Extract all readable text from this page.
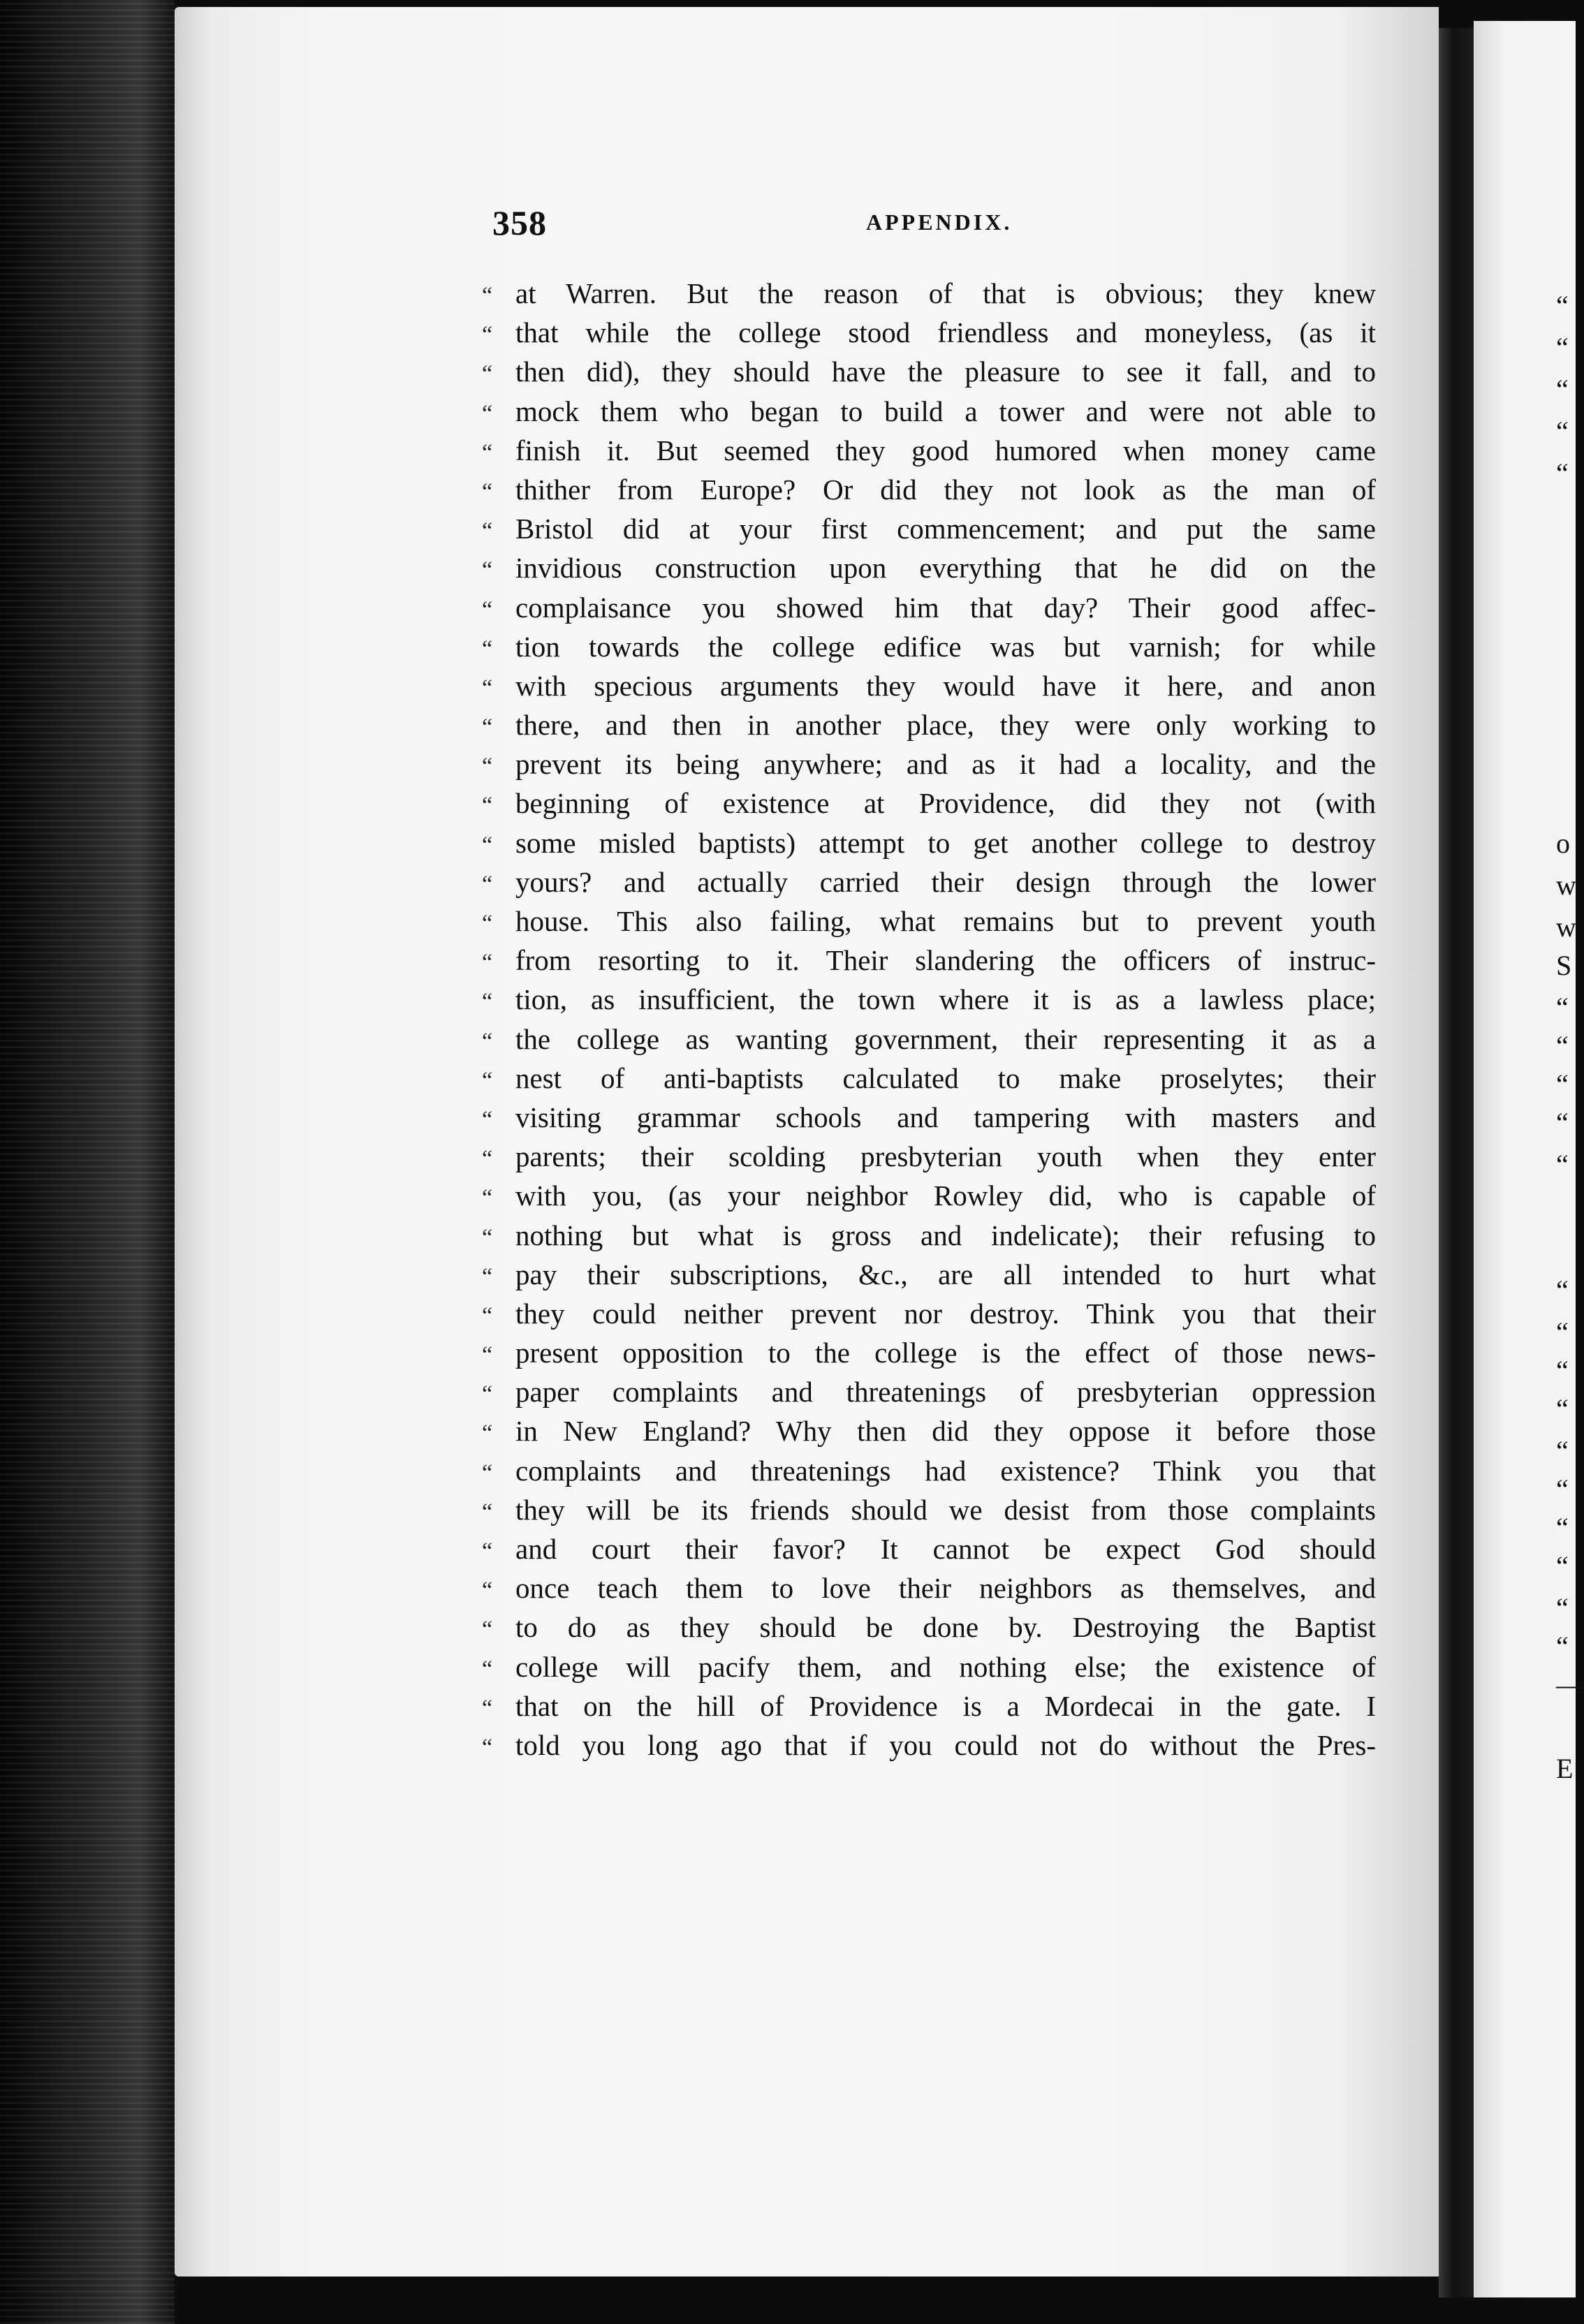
“
“
“
“
“
o
w
w
S
“
“
“
“
“
“
“
“
“
“
“
“
“
“
“
—
E
358	APPENDIX.
“ at Warren. But the reason of that is obvious; they knew
“ that while the college stood friendless and moneyless, (as it
“ then did), they should have the pleasure to see it fall, and to
“ mock them who began to build a tower and were not able to
“ finish it. But seemed they good humored when money came
“ thither from Europe? Or did they not look as the man of
“ Bristol did at your first commencement; and put the same
“ invidious construction upon everything that he did on the
“ complaisance you showed him that day? Their good affec-
“ tion towards the college edifice was but varnish; for while
“ with specious arguments they would have it here, and anon
“ there, and then in another place, they were only working to
“ prevent its being anywhere; and as it had a locality, and the
“ beginning of existence at Providence, did they not (with
“ some misled baptists) attempt to get another college to destroy
“ yours? and actually carried their design through the lower
“ house. This also failing, what remains but to prevent youth
“ from resorting to it. Their slandering the officers of instruc-
“ tion, as insufficient, the town where it is as a lawless place;
“ the college as wanting government, their representing it as a
“ nest of anti-baptists calculated to make proselytes; their
“ visiting grammar schools and tampering with masters and
“ parents; their scolding presbyterian youth when they enter
“ with you, (as your neighbor Rowley did, who is capable of
“ nothing but what is gross and indelicate); their refusing to
“ pay their subscriptions, &c., are all intended to hurt what
“ they could neither prevent nor destroy. Think you that their
“ present opposition to the college is the effect of those news-
“ paper complaints and threatenings of presbyterian oppression
“ in New England? Why then did they oppose it before those
“ complaints and threatenings had existence? Think you that
“ they will be its friends should we desist from those complaints
“ and court their favor? It cannot be expect God should
“ once teach them to love their neighbors as themselves, and
“ to do as they should be done by. Destroying the Baptist
“ college will pacify them, and nothing else; the existence of
“ that on the hill of Providence is a Mordecai in the gate. I
“ told you long ago that if you could not do without the Pres-
